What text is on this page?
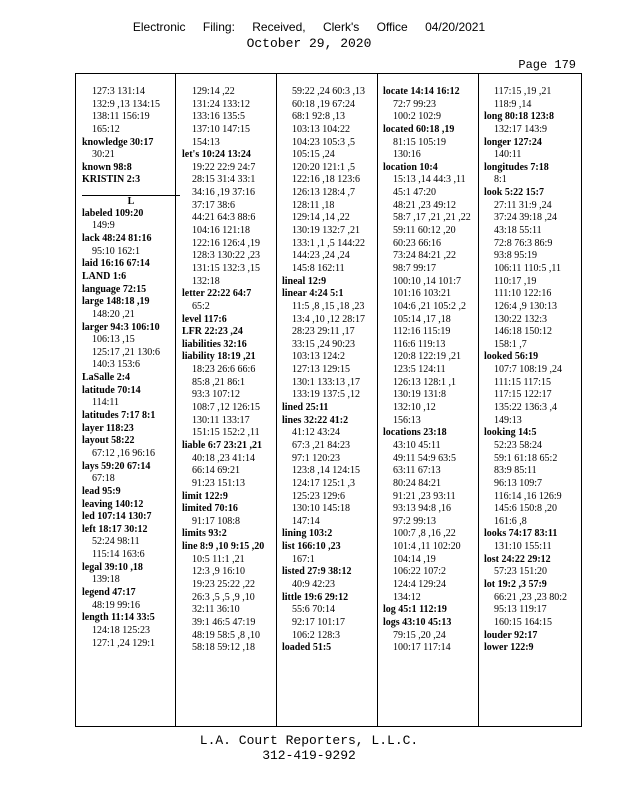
Electronic Filing: Received, Clerk's Office 04/20/2021
October 29, 2020
Page 179
127:3 131:14
132:9 ,13 134:15
138:11 156:19
165:12
knowledge 30:17
30:21
known 98:8
KRISTIN 2:3
L
labeled 109:20
149:9
lack 48:24 81:16
95:10 162:1
laid 16:16 67:14
LAND 1:6
language 72:15
large 148:18 ,19
148:20 ,21
larger 94:3 106:10
106:13 ,15
125:17 ,21 130:6
140:3 153:6
LaSalle 2:4
latitude 70:14
114:11
latitudes 7:17 8:1
layer 118:23
layout 58:22
67:12 ,16 96:16
lays 59:20 67:14
67:18
lead 95:9
leaving 140:12
led 107:14 130:7
left 18:17 30:12
52:24 98:11
115:14 163:6
legal 39:10 ,18
139:18
legend 47:17
48:19 99:16
length 11:14 33:5
124:18 125:23
127:1 ,24 129:1
129:14 ,22
131:24 133:12
133:16 135:5
137:10 147:15
154:13
let's 10:24 13:24
19:22 22:9 24:7
28:15 31:4 33:1
34:16 ,19 37:16
37:17 38:6
44:21 64:3 88:6
104:16 121:18
122:16 126:4 ,19
128:3 130:22 ,23
131:15 132:3 ,15
132:18
letter 22:22 64:7
65:2
level 117:6
LFR 22:23 ,24
liabilities 32:16
liability 18:19 ,21
18:23 26:6 66:6
85:8 ,21 86:1
93:3 107:12
108:7 ,12 126:15
130:11 133:17
151:15 152:2 ,11
liable 6:7 23:21 ,21
40:18 ,23 41:14
66:14 69:21
91:23 151:13
limit 122:9
limited 70:16
91:17 108:8
limits 93:2
line 8:9 ,10 9:15 ,20
10:5 11:1 ,21
12:3 ,9 16:10
19:23 25:22 ,22
26:3 ,5 ,5 ,9 ,10
32:11 36:10
39:1 46:5 47:19
48:19 58:5 ,8 ,10
58:18 59:12 ,18
59:22 ,24 60:3 ,13
60:18 ,19 67:24
68:1 92:8 ,13
103:13 104:22
104:23 105:3 ,5
105:15 ,24
120:20 121:1 ,5
122:16 ,18 123:6
126:13 128:4 ,7
128:11 ,18
129:14 ,14 ,22
130:19 132:7 ,21
133:1 ,1 ,5 144:22
144:23 ,24 ,24
145:8 162:11
lineal 12:9
linear 4:24 5:1
11:5 ,8 ,15 ,18 ,23
13:4 ,10 ,12 28:17
28:23 29:11 ,17
33:15 ,24 90:23
103:13 124:2
127:13 129:15
130:1 133:13 ,17
133:19 137:5 ,12
lined 25:11
lines 32:22 41:2
41:12 43:24
67:3 ,21 84:23
97:1 120:23
123:8 ,14 124:15
124:17 125:1 ,3
125:23 129:6
130:10 145:18
147:14
lining 103:2
list 166:10 ,23
167:1
listed 27:9 38:12
40:9 42:23
little 19:6 29:12
55:6 70:14
92:17 101:17
106:2 128:3
loaded 51:5
locate 14:14 16:12
72:7 99:23
100:2 102:9
located 60:18 ,19
81:15 105:19
130:16
location 10:4
15:13 ,14 44:3 ,11
45:1 47:20
48:21 ,23 49:12
58:7 ,17 ,21 ,21 ,22
59:11 60:12 ,20
60:23 66:16
73:24 84:21 ,22
98:7 99:17
100:10 ,14 101:7
101:16 103:21
104:6 ,21 105:2 ,2
105:14 ,17 ,18
112:16 115:19
116:6 119:13
120:8 122:19 ,21
123:5 124:11
126:13 128:1 ,1
130:19 131:8
132:10 ,12
156:13
locations 23:18
43:10 45:11
49:11 54:9 63:5
63:11 67:13
80:24 84:21
91:21 ,23 93:11
93:13 94:8 ,16
97:2 99:13
100:7 ,8 ,16 ,22
101:4 ,11 102:20
104:14 ,19
106:22 107:2
124:4 129:24
134:12
log 45:1 112:19
logs 43:10 45:13
79:15 ,20 ,24
100:17 117:14
117:15 ,19 ,21
118:9 ,14
long 80:18 123:8
132:17 143:9
longer 127:24
140:11
longitudes 7:18
8:1
look 5:22 15:7
27:11 31:9 ,24
37:24 39:18 ,24
43:18 55:11
72:8 76:3 86:9
93:8 95:19
106:11 110:5 ,11
110:17 ,19
111:10 122:16
126:4 ,9 130:13
130:22 132:3
146:18 150:12
158:1 ,7
looked 56:19
107:7 108:19 ,24
111:15 117:15
117:15 122:17
135:22 136:3 ,4
149:13
looking 14:5
52:23 58:24
59:1 61:18 65:2
83:9 85:11
96:13 109:7
116:14 ,16 126:9
145:6 150:8 ,20
161:6 ,8
looks 74:17 83:11
131:10 155:11
lost 24:22 29:12
57:23 151:20
lot 19:2 ,3 57:9
66:21 ,23 ,23 80:2
95:13 119:17
160:15 164:15
louder 92:17
lower 122:9
L.A. Court Reporters, L.L.C.
312-419-9292
